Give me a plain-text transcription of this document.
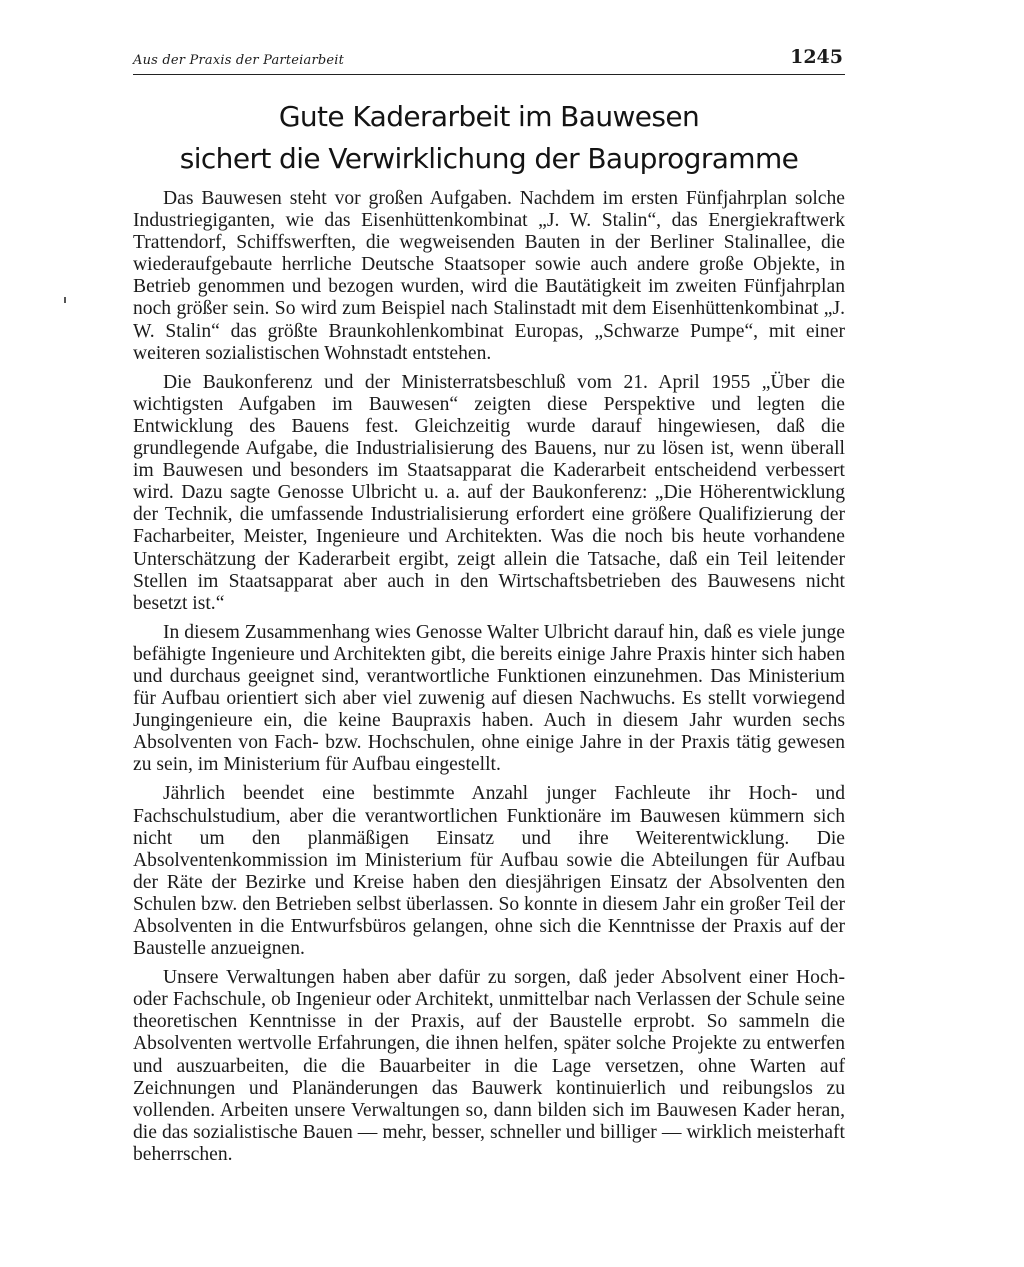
Aus der Praxis der Parteiarbeit	1245
Gute Kaderarbeit im Bauwesen
sichert die Verwirklichung der Bauprogramme

Das Bauwesen steht vor großen Aufgaben. Nachdem im ersten Fünfjahrplan solche Industriegiganten, wie das Eisenhüttenkombinat „J. W. Stalin“, das Energiekraftwerk Trattendorf, Schiffswerften, die wegweisenden Bauten in der Berliner Stalinallee, die wiederaufgebaute herrliche Deutsche Staatsoper sowie auch andere große Objekte, in Betrieb genommen und bezogen wurden, wird die Bautätigkeit im zweiten Fünfjahrplan noch größer sein. So wird zum Beispiel nach Stalinstadt mit dem Eisenhüttenkombinat „J. W. Stalin“ das größte Braunkohlenkombinat Europas, „Schwarze Pumpe“, mit einer weiteren sozialistischen Wohnstadt entstehen.

Die Baukonferenz und der Ministerratsbeschluß vom 21. April 1955 „Über die wichtigsten Aufgaben im Bauwesen“ zeigten diese Perspektive und legten die Entwicklung des Bauens fest. Gleichzeitig wurde darauf hingewiesen, daß die grundlegende Aufgabe, die Industrialisierung des Bauens, nur zu lösen ist, wenn überall im Bauwesen und besonders im Staatsapparat die Kaderarbeit entscheidend verbessert wird. Dazu sagte Genosse Ulbricht u. a. auf der Baukonferenz: „Die Höherentwicklung der Technik, die umfassende Industrialisierung erfordert eine größere Qualifizierung der Facharbeiter, Meister, Ingenieure und Architekten. Was die noch bis heute vorhandene Unterschätzung der Kaderarbeit ergibt, zeigt allein die Tatsache, daß ein Teil leitender Stellen im Staatsapparat aber auch in den Wirtschaftsbetrieben des Bauwesens nicht besetzt ist.“

In diesem Zusammenhang wies Genosse Walter Ulbricht darauf hin, daß es viele junge befähigte Ingenieure und Architekten gibt, die bereits einige Jahre Praxis hinter sich haben und durchaus geeignet sind, verantwortliche Funktionen einzunehmen. Das Ministerium für Aufbau orientiert sich aber viel zuwenig auf diesen Nachwuchs. Es stellt vorwiegend Jungingenieure ein, die keine Baupraxis haben. Auch in diesem Jahr wurden sechs Absolventen von Fach- bzw. Hochschulen, ohne einige Jahre in der Praxis tätig gewesen zu sein, im Ministerium für Aufbau eingestellt.

Jährlich beendet eine bestimmte Anzahl junger Fachleute ihr Hoch- und Fachschulstudium, aber die verantwortlichen Funktionäre im Bauwesen kümmern sich nicht um den planmäßigen Einsatz und ihre Weiterentwicklung. Die Absolventenkommission im Ministerium für Aufbau sowie die Abteilungen für Aufbau der Räte der Bezirke und Kreise haben den diesjährigen Einsatz der Absolventen den Schulen bzw. den Betrieben selbst überlassen. So konnte in diesem Jahr ein großer Teil der Absolventen in die Entwurfsbüros gelangen, ohne sich die Kenntnisse der Praxis auf der Baustelle anzueignen.

Unsere Verwaltungen haben aber dafür zu sorgen, daß jeder Absolvent einer Hoch- oder Fachschule, ob Ingenieur oder Architekt, unmittelbar nach Verlassen der Schule seine theoretischen Kenntnisse in der Praxis, auf der Baustelle erprobt. So sammeln die Absolventen wertvolle Erfahrungen, die ihnen helfen, später solche Projekte zu entwerfen und auszuarbeiten, die die Bauarbeiter in die Lage versetzen, ohne Warten auf Zeichnungen und Planänderungen das Bauwerk kontinuierlich und reibungslos zu vollenden. Arbeiten unsere Verwaltungen so, dann bilden sich im Bauwesen Kader heran, die das sozialistische Bauen — mehr, besser, schneller und billiger — wirklich meisterhaft beherrschen.
